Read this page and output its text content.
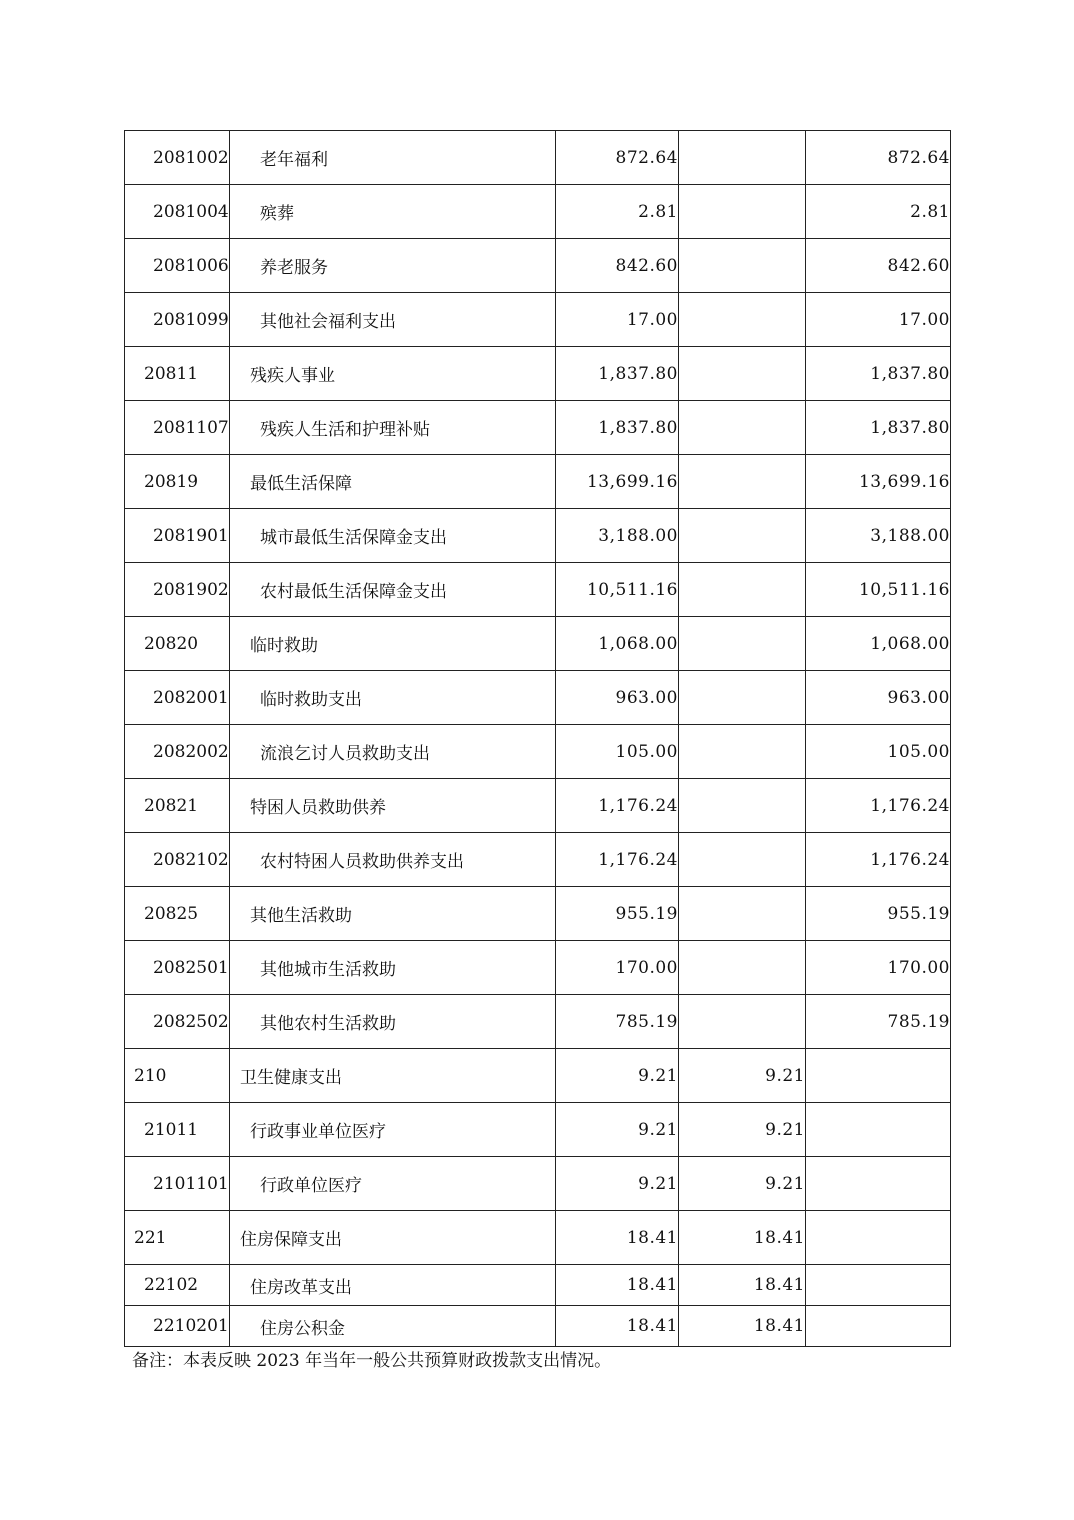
2081002	老年福利	872.64		872.64
2081004	殡葬	2.81		2.81
2081006	养老服务	842.60		842.60
2081099	其他社会福利支出	17.00		17.00
20811	残疾人事业	1,837.80		1,837.80
2081107	残疾人生活和护理补贴	1,837.80		1,837.80
20819	最低生活保障	13,699.16		13,699.16
2081901	城市最低生活保障金支出	3,188.00		3,188.00
2081902	农村最低生活保障金支出	10,511.16		10,511.16
20820	临时救助	1,068.00		1,068.00
2082001	临时救助支出	963.00		963.00
2082002	流浪乞讨人员救助支出	105.00		105.00
20821	特困人员救助供养	1,176.24		1,176.24
2082102	农村特困人员救助供养支出	1,176.24		1,176.24
20825	其他生活救助	955.19		955.19
2082501	其他城市生活救助	170.00		170.00
2082502	其他农村生活救助	785.19		785.19
210	卫生健康支出	9.21	9.21	
21011	行政事业单位医疗	9.21	9.21	
2101101	行政单位医疗	9.21	9.21	
221	住房保障支出	18.41	18.41	
22102	住房改革支出	18.41	18.41	
2210201	住房公积金	18.41	18.41	
备注：本表反映 2023 年当年一般公共预算财政拨款支出情况。
